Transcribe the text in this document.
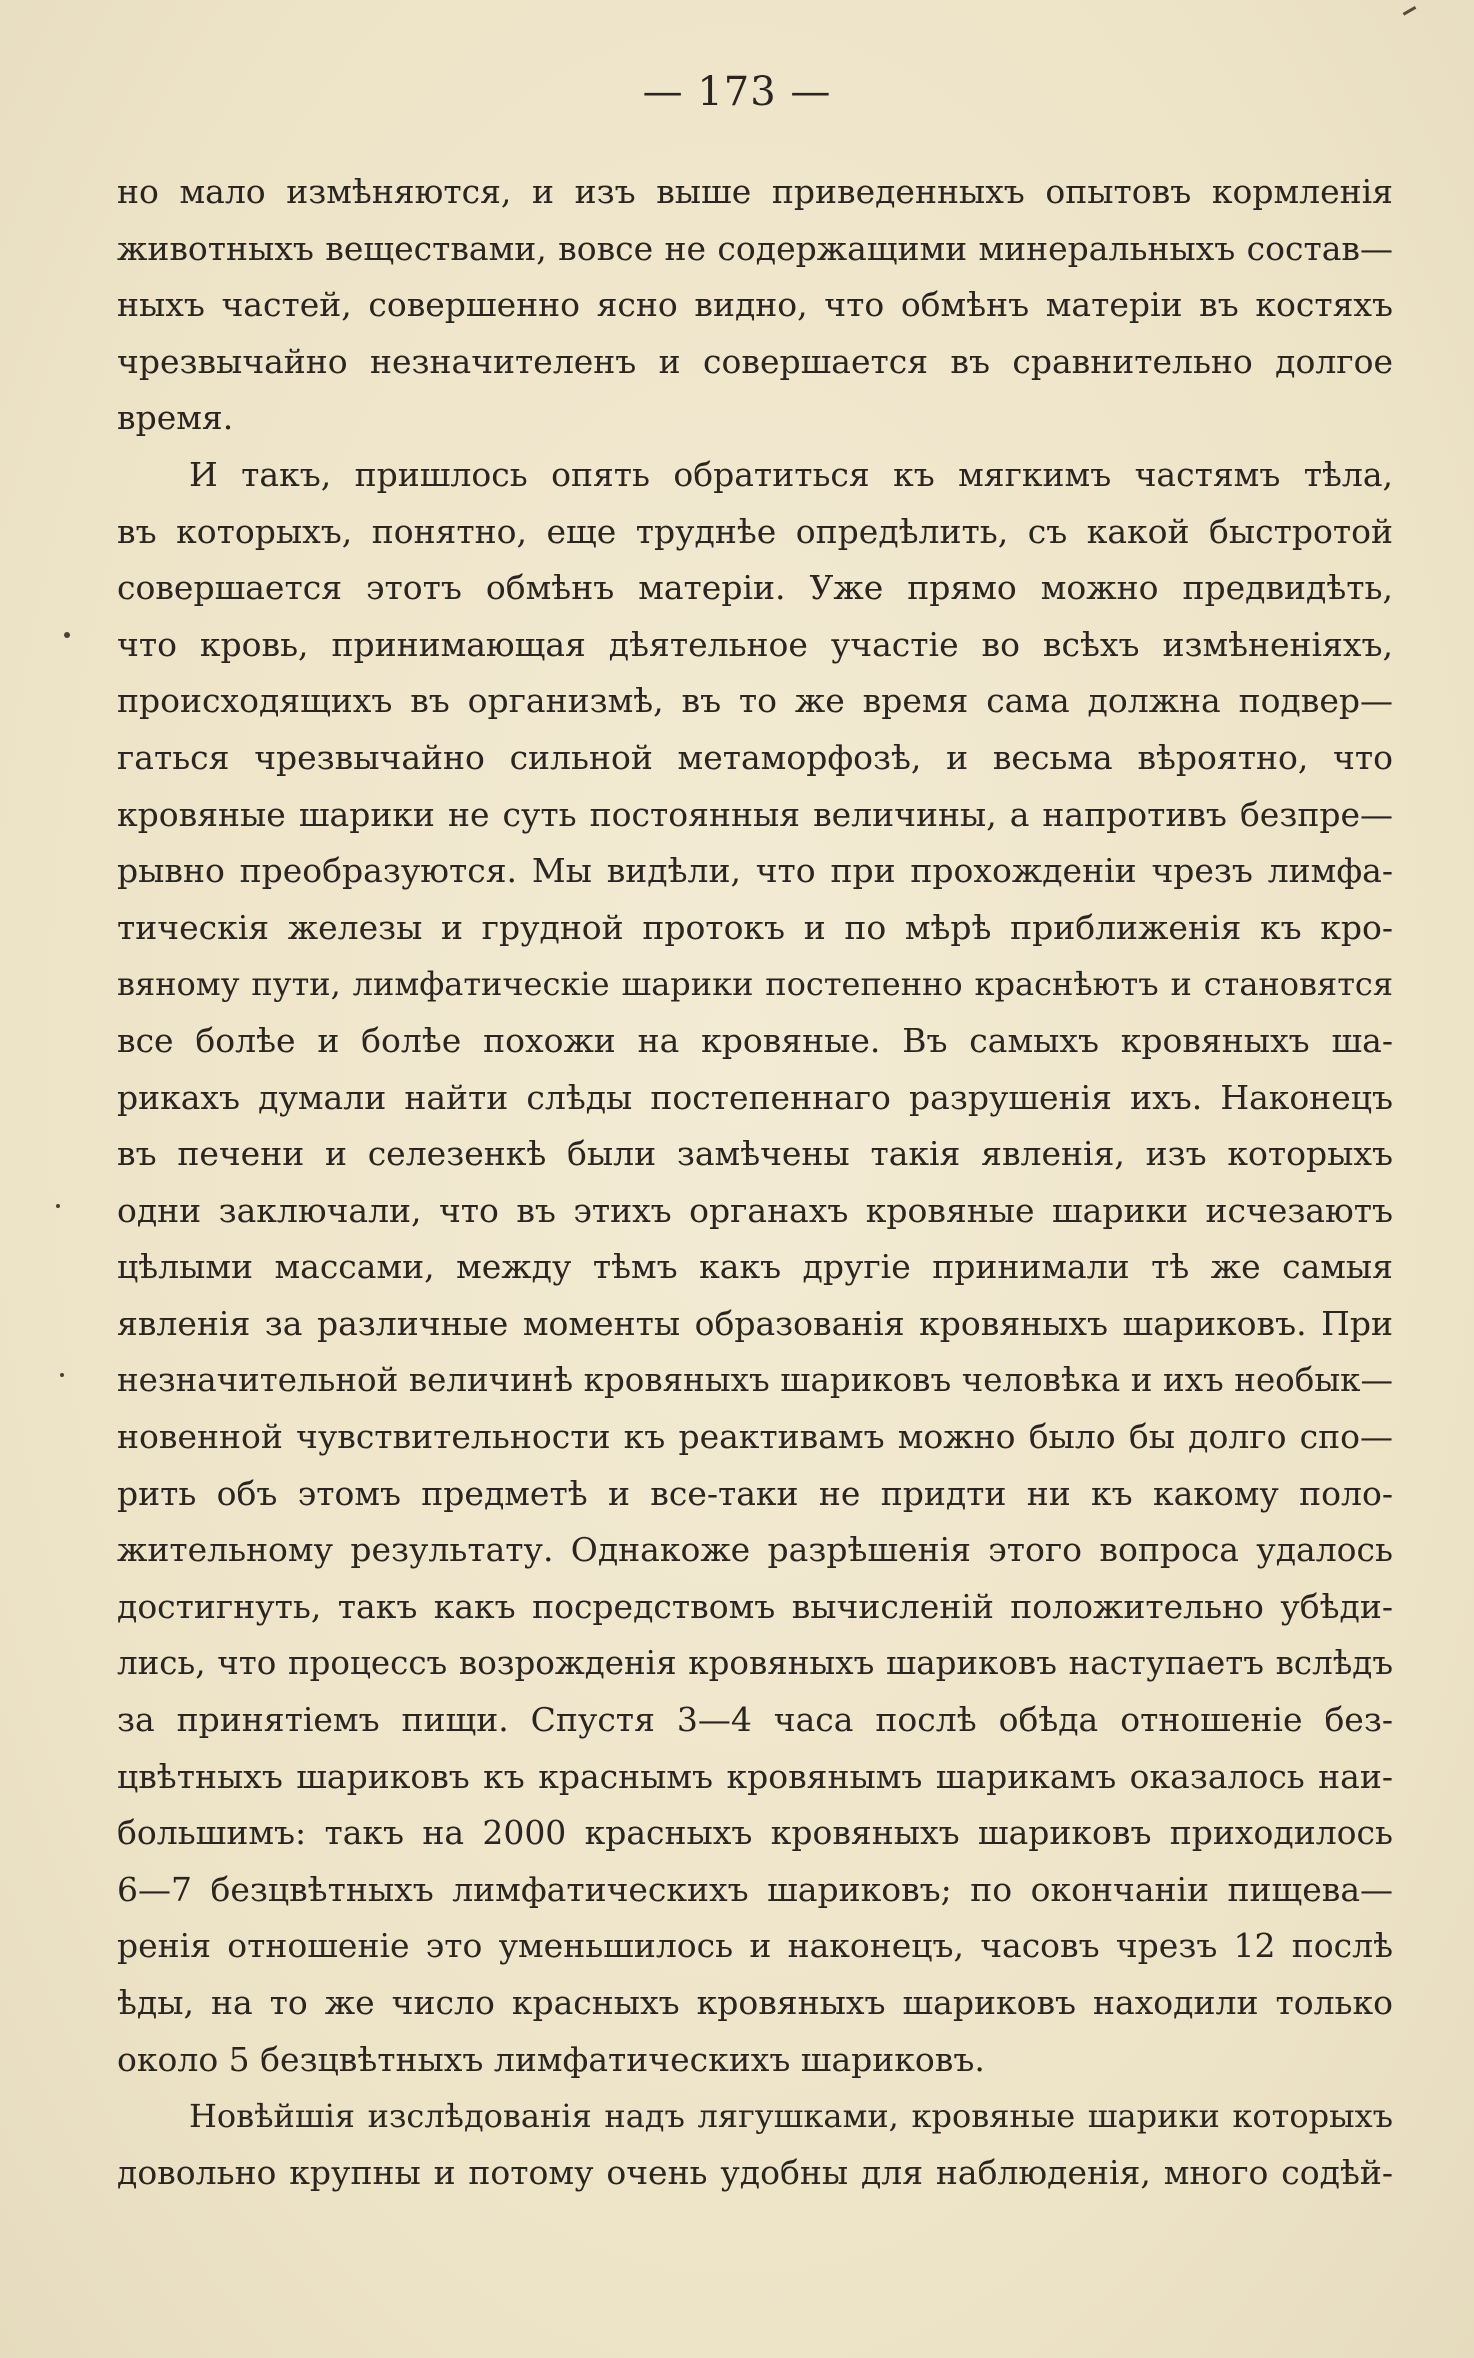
— 173 —
но мало измѣняются, и изъ выше приведенныхъ опытовъ кормленія
животныхъ веществами, вовсе не содержащими минеральныхъ состав—
ныхъ частей, совершенно ясно видно, что обмѣнъ матеріи въ костяхъ
чрезвычайно незначителенъ и совершается въ сравнительно долгое
время.
И такъ, пришлось опять обратиться къ мягкимъ частямъ тѣла,
въ которыхъ, понятно, еще труднѣе опредѣлить, съ какой быстротой
совершается этотъ обмѣнъ матеріи. Уже прямо можно предвидѣть,
что кровь, принимающая дѣятельное участіе во всѣхъ измѣненіяхъ,
происходящихъ въ организмѣ, въ то же время сама должна подвер—
гаться чрезвычайно сильной метаморфозѣ, и весьма вѣроятно, что
кровяные шарики не суть постоянныя величины, а напротивъ безпре—
рывно преобразуются. Мы видѣли, что при прохожденіи чрезъ лимфа-
тическія железы и грудной протокъ и по мѣрѣ приближенія къ кро-
вяному пути, лимфатическіе шарики постепенно краснѣютъ и становятся
все болѣе и болѣе похожи на кровяные. Въ самыхъ кровяныхъ ша-
рикахъ думали найти слѣды постепеннаго разрушенія ихъ. Наконецъ
въ печени и селезенкѣ были замѣчены такія явленія, изъ которыхъ
одни заключали, что въ этихъ органахъ кровяные шарики исчезаютъ
цѣлыми массами, между тѣмъ какъ другіе принимали тѣ же самыя
явленія за различные моменты образованія кровяныхъ шариковъ. При
незначительной величинѣ кровяныхъ шариковъ человѣка и ихъ необык—
новенной чувствительности къ реактивамъ можно было бы долго спо—
рить объ этомъ предметѣ и все-таки не придти ни къ какому поло-
жительному результату. Однакоже разрѣшенія этого вопроса удалось
достигнуть, такъ какъ посредствомъ вычисленій положительно убѣди-
лись, что процессъ возрожденія кровяныхъ шариковъ наступаетъ вслѣдъ
за принятіемъ пищи. Спустя 3—4 часа послѣ обѣда отношеніе без-
цвѣтныхъ шариковъ къ краснымъ кровянымъ шарикамъ оказалось наи-
большимъ: такъ на 2000 красныхъ кровяныхъ шариковъ приходилось
6—7 безцвѣтныхъ лимфатическихъ шариковъ; по окончаніи пищева—
ренія отношеніе это уменьшилось и наконецъ, часовъ чрезъ 12 послѣ
ѣды, на то же число красныхъ кровяныхъ шариковъ находили только
около 5 безцвѣтныхъ лимфатическихъ шариковъ.
Новѣйшія изслѣдованія надъ лягушками, кровяные шарики которыхъ
довольно крупны и потому очень удобны для наблюденія, много содѣй-
